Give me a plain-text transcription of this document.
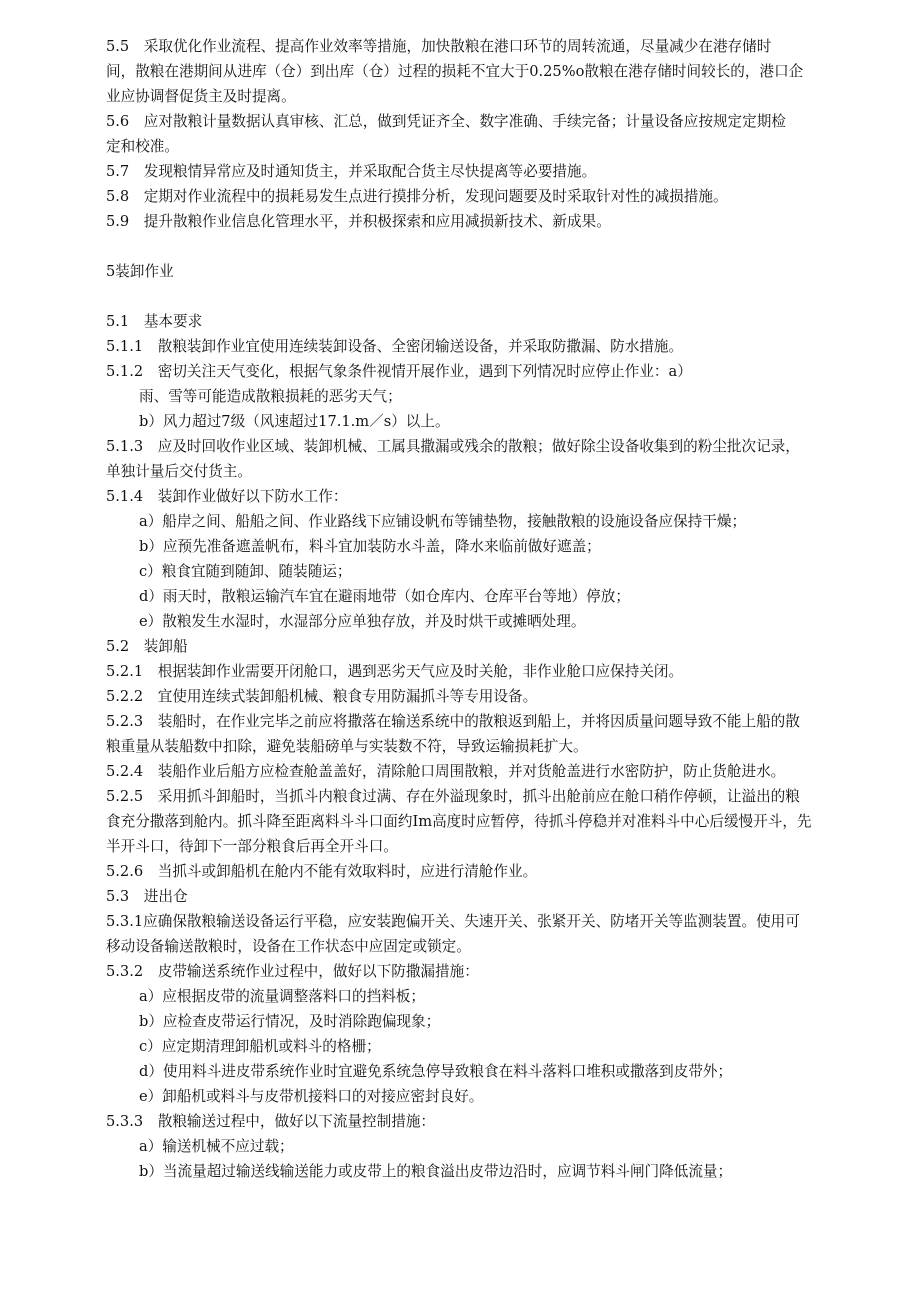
5.5　采取优化作业流程、提高作业效率等措施，加快散粮在港口环节的周转流通，尽量减少在港存储时
间，散粮在港期间从进库（仓）到出库（仓）过程的损耗不宜大于0.25%o散粮在港存储时间较长的，港口企
业应协调督促货主及时提离。
5.6　应对散粮计量数据认真审核、汇总，做到凭证齐全、数字准确、手续完备；计量设备应按规定定期检
定和校准。
5.7　发现粮情异常应及时通知货主，并采取配合货主尽快提离等必要措施。
5.8　定期对作业流程中的损耗易发生点进行摸排分析，发现问题要及时采取针对性的减损措施。
5.9　提升散粮作业信息化管理水平，并积极探索和应用减损新技术、新成果。
5装卸作业
5.1　基本要求
5.1.1　散粮装卸作业宜使用连续装卸设备、全密闭输送设备，并采取防撒漏、防水措施。
5.1.2　密切关注天气变化，根据气象条件视情开展作业，遇到下列情况时应停止作业：a）
雨、雪等可能造成散粮损耗的恶劣天气；
b）风力超过7级（风速超过17.1.m／s）以上。
5.1.3　应及时回收作业区域、装卸机械、工属具撒漏或残余的散粮；做好除尘设备收集到的粉尘批次记录，
单独计量后交付货主。
5.1.4　装卸作业做好以下防水工作：
a）船岸之间、船船之间、作业路线下应铺设帆布等铺垫物，接触散粮的设施设备应保持干燥；
b）应预先准备遮盖帆布，料斗宜加装防水斗盖，降水来临前做好遮盖；
c）粮食宜随到随卸、随装随运；
d）雨天时，散粮运输汽车宜在避雨地带（如仓库内、仓库平台等地）停放；
e）散粮发生水湿时，水湿部分应单独存放，并及时烘干或摊晒处理。
5.2　装卸船
5.2.1　根据装卸作业需要开闭舱口，遇到恶劣天气应及时关舱，非作业舱口应保持关闭。
5.2.2　宜使用连续式装卸船机械、粮食专用防漏抓斗等专用设备。
5.2.3　装船时，在作业完毕之前应将撒落在输送系统中的散粮返到船上，并将因质量问题导致不能上船的散
粮重量从装船数中扣除，避免装船磅单与实装数不符，导致运输损耗扩大。
5.2.4　装船作业后船方应检查舱盖盖好，清除舱口周围散粮，并对货舱盖进行水密防护，防止货舱进水。
5.2.5　采用抓斗卸船时，当抓斗内粮食过满、存在外溢现象时，抓斗出舱前应在舱口稍作停顿，让溢出的粮
食充分撒落到舱内。抓斗降至距离料斗斗口面约Im高度时应暂停，待抓斗停稳并对准料斗中心后缓慢开斗，先
半开斗口，待卸下一部分粮食后再全开斗口。
5.2.6　当抓斗或卸船机在舱内不能有效取料时，应进行清舱作业。
5.3　进出仓
5.3.1应确保散粮输送设备运行平稳，应安装跑偏开关、失速开关、张紧开关、防堵开关等监测装置。使用可
移动设备输送散粮时，设备在工作状态中应固定或锁定。
5.3.2　皮带输送系统作业过程中，做好以下防撒漏措施：
a）应根据皮带的流量调整落料口的挡料板；
b）应检查皮带运行情况，及时消除跑偏现象；
c）应定期清理卸船机或料斗的格栅；
d）使用料斗进皮带系统作业时宜避免系统急停导致粮食在料斗落料口堆积或撒落到皮带外；
e）卸船机或料斗与皮带机接料口的对接应密封良好。
5.3.3　散粮输送过程中，做好以下流量控制措施：
a）输送机械不应过载；
b）当流量超过输送线输送能力或皮带上的粮食溢出皮带边沿时，应调节料斗闸门降低流量；
